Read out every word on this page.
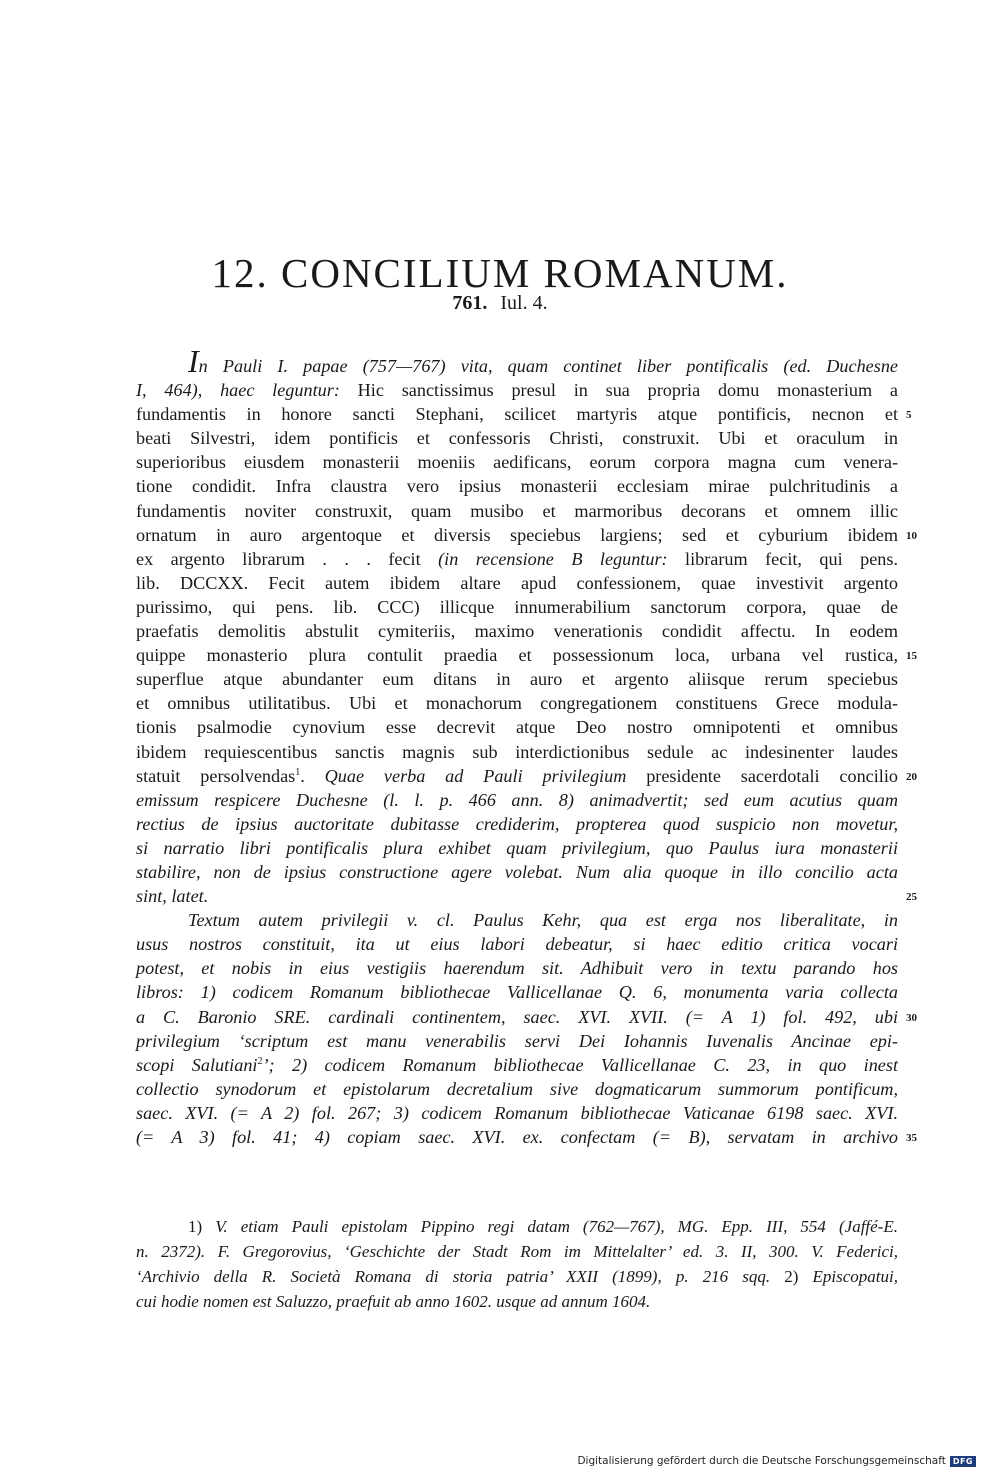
12. CONCILIUM ROMANUM.
761. Iul. 4.
In Pauli I. papae (757—767) vita, quam continet liber pontificalis (ed. Duchesne
I, 464), haec leguntur: Hic sanctissimus presul in sua propria domu monasterium a
fundamentis in honore sancti Stephani, scilicet martyris atque pontificis, necnon et
beati Silvestri, idem pontificis et confessoris Christi, construxit. Ubi et oraculum in
superioribus eiusdem monasterii moeniis aedificans, eorum corpora magna cum venera-
tione condidit. Infra claustra vero ipsius monasterii ecclesiam mirae pulchritudinis a
fundamentis noviter construxit, quam musibo et marmoribus decorans et omnem illic
ornatum in auro argentoque et diversis speciebus largiens; sed et cyburium ibidem
ex argento librarum . . . fecit (in recensione B leguntur: librarum fecit, qui pens.
lib. DCCXX. Fecit autem ibidem altare apud confessionem, quae investivit argento
purissimo, qui pens. lib. CCC) illicque innumerabilium sanctorum corpora, quae de
praefatis demolitis abstulit cymiteriis, maximo venerationis condidit affectu. In eodem
quippe monasterio plura contulit praedia et possessionum loca, urbana vel rustica,
superflue atque abundanter eum ditans in auro et argento aliisque rerum speciebus
et omnibus utilitatibus. Ubi et monachorum congregationem constituens Grece modula-
tionis psalmodie cynovium esse decrevit atque Deo nostro omnipotenti et omnibus
ibidem requiescentibus sanctis magnis sub interdictionibus sedule ac indesinenter laudes
statuit persolvendas$^1$. Quae verba ad Pauli privilegium presidente sacerdotali concilio
emissum respicere Duchesne (l. l. p. 466 ann. 8) animadvertit; sed eum acutius quam
rectius de ipsius auctoritate dubitasse crediderim, propterea quod suspicio non movetur,
si narratio libri pontificalis plura exhibet quam privilegium, quo Paulus iura monasterii
stabilire, non de ipsius constructione agere volebat. Num alia quoque in illo concilio acta
sint, latet.
Textum autem privilegii v. cl. Paulus Kehr, qua est erga nos liberalitate, in
usus nostros constituit, ita ut eius labori debeatur, si haec editio critica vocari
potest, et nobis in eius vestigiis haerendum sit. Adhibuit vero in textu parando hos
libros: 1) codicem Romanum bibliothecae Vallicellanae Q. 6, monumenta varia collecta
a C. Baronio SRE. cardinali continentem, saec. XVI. XVII. (= A 1) fol. 492, ubi
privilegium ‘scriptum est manu venerabilis servi Dei Iohannis Iuvenalis Ancinae epi-
scopi Salutiani$^2$’; 2) codicem Romanum bibliothecae Vallicellanae C. 23, in quo inest
collectio synodorum et epistolarum decretalium sive dogmaticarum summorum pontificum,
saec. XVI. (= A 2) fol. 267; 3) codicem Romanum bibliothecae Vaticanae 6198 saec. XVI.
(= A 3) fol. 41; 4) copiam saec. XVI. ex. confectam (= B), servatam in archivo
5
10
15
20
25
30
35
1) V. etiam Pauli epistolam Pippino regi datam (762—767), MG. Epp. III, 554 (Jaffé-E.
n. 2372). F. Gregorovius, ‘Geschichte der Stadt Rom im Mittelalter’ ed. 3. II, 300. V. Federici,
‘Archivio della R. Società Romana di storia patria’ XXII (1899), p. 216 sqq. 2) Episcopatui,
cui hodie nomen est Saluzzo, praefuit ab anno 1602. usque ad annum 1604.
Digitalisierung gefördert durch die Deutsche Forschungsgemeinschaft DFG
